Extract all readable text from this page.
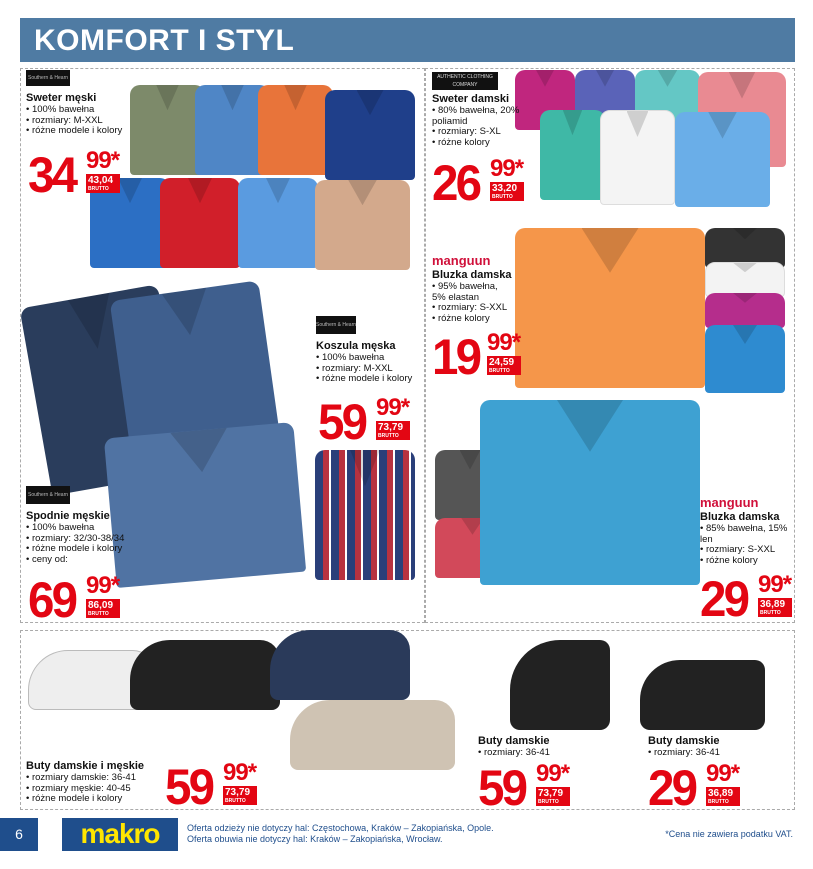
KOMFORT I STYL
Southern & Hearn
Sweter męski
• 100% bawełna
• rozmiary: M-XXL
• różne modele i kolory
34 99*
43,04
BRUTTO
AUTHENTIC CLOTHING COMPANY
Sweter damski
• 80% bawełna, 20% poliamid
• rozmiary: S-XL
• różne kolory
26 99*
33,20
BRUTTO
manguun
Bluzka damska
• 95% bawełna, 5% elastan
• rozmiary: S-XXL
• różne kolory
19 99*
24,59
BRUTTO
Southern & Hearn
Koszula męska
• 100% bawełna
• rozmiary: M-XXL
• różne modele i kolory
59 99*
73,79
BRUTTO
Southern & Hearn
Spodnie męskie
• 100% bawełna
• rozmiary: 32/30-38/34
• różne modele i kolory
• ceny od:
69 99*
86,09
BRUTTO
manguun
Bluzka damska
• 85% bawełna, 15% len
• rozmiary: S-XXL
• różne kolory
29 99*
36,89
BRUTTO
Buty damskie i męskie
• rozmiary damskie: 36-41
• rozmiary męskie: 40-45
• różne modele i kolory 59 99*
73,79
BRUTTO
Buty damskie
• rozmiary: 36-41
59 99*
73,79
BRUTTO
Buty damskie
• rozmiary: 36-41
29 99*
36,89
BRUTTO
6	makro	Oferta odzieży nie dotyczy hal: Częstochowa, Kraków – Zakopiańska, Opole.
Oferta obuwia nie dotyczy hal: Kraków – Zakopiańska, Wrocław.	*Cena nie zawiera podatku VAT.
